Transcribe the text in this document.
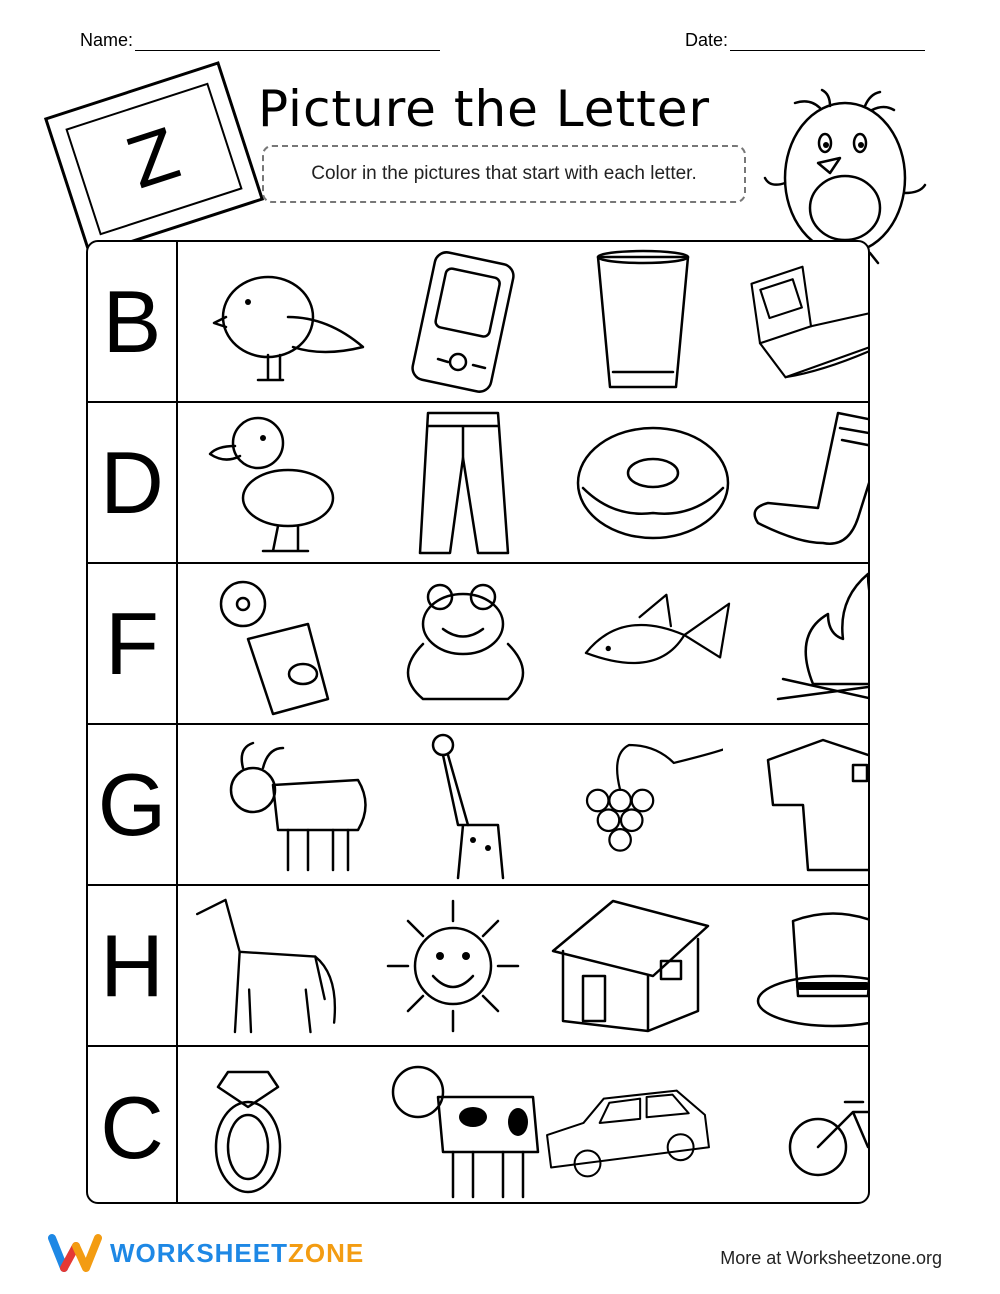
Name:	Date:
Z
Picture the Letter
Color in the pictures that start with each letter.
B
D
F
G
H
C
WORKSHEETZONE	More at Worksheetzone.org
